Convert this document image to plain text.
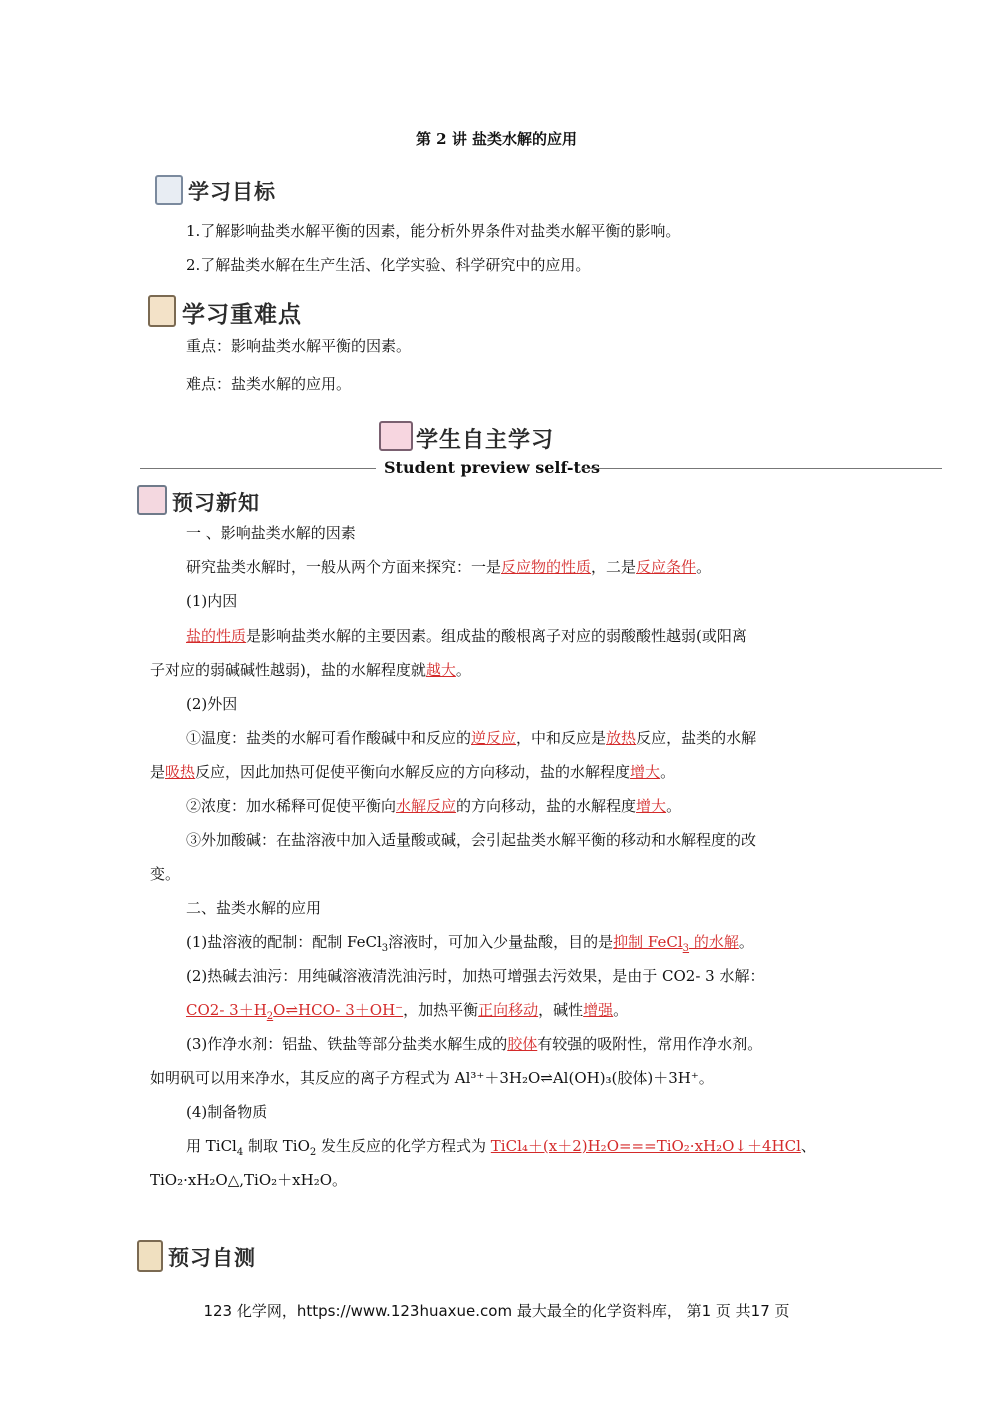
第 2 讲 盐类水解的应用
学习目标
1.了解影响盐类水解平衡的因素，能分析外界条件对盐类水解平衡的影响。
2.了解盐类水解在生产生活、化学实验、科学研究中的应用。
学习重难点
重点：影响盐类水解平衡的因素。
难点：盐类水解的应用。
学生自主学习
Student preview self-tes
预习新知
一 、影响盐类水解的因素
研究盐类水解时，一般从两个方面来探究：一是反应物的性质，二是反应条件。
(1)内因
盐的性质是影响盐类水解的主要因素。组成盐的酸根离子对应的弱酸酸性越弱(或阳离
子对应的弱碱碱性越弱)，盐的水解程度就越大。
(2)外因
①温度：盐类的水解可看作酸碱中和反应的逆反应，中和反应是放热反应，盐类的水解
是吸热反应，因此加热可促使平衡向水解反应的方向移动，盐的水解程度增大。
②浓度：加水稀释可促使平衡向水解反应的方向移动，盐的水解程度增大。
③外加酸碱：在盐溶液中加入适量酸或碱，会引起盐类水解平衡的移动和水解程度的改
变。
二、盐类水解的应用
(1)盐溶液的配制：配制 FeCl$_3$溶液时，可加入少量盐酸，目的是抑制 FeCl$_3$ 的水解。
(2)热碱去油污：用纯碱溶液清洗油污时，加热可增强去污效果，是由于 CO2- 3 水解：
CO2- $3+H_2O\rightleftharpoons HCO-$ 3＋OH⁻，加热平衡正向移动，碱性增强。
(3)作净水剂：铝盐、铁盐等部分盐类水解生成的胶体有较强的吸附性，常用作净水剂。
如明矾可以用来净水，其反应的离子方程式为 Al³⁺＋3H₂O⇌Al(OH)₃(胶体)＋3H⁺。
(4)制备物质
用 TiCl$_4$ 制取 TiO$_2$ 发生反应的化学方程式为 TiCl₄＋(x＋2)H₂O===TiO₂·xH₂O↓＋4HCl、
TiO₂·xH₂O△,TiO₂＋xH₂O。
预习自测
123 化学网，https://www.123huaxue.com 最大最全的化学资料库， 第1 页 共17 页
